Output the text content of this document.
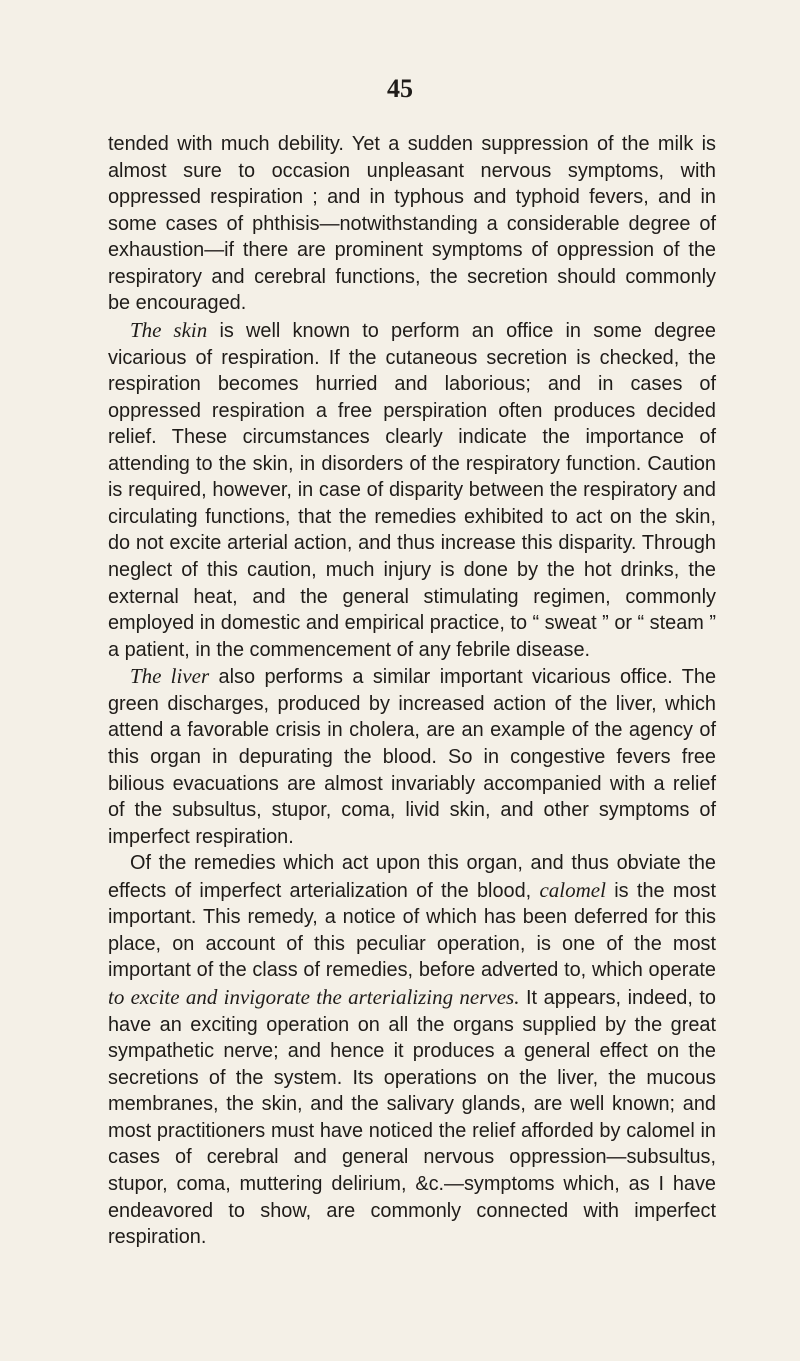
45

tended with much debility. Yet a sudden suppression of the milk is almost sure to occasion unpleasant nervous symptoms, with oppressed respiration ; and in typhous and typhoid fevers, and in some cases of phthisis—notwithstanding a considerable degree of exhaustion—if there are prominent symptoms of oppression of the respiratory and cerebral functions, the secretion should commonly be encouraged.

The skin is well known to perform an office in some degree vicarious of respiration. If the cutaneous secretion is checked, the respiration becomes hurried and laborious; and in cases of oppressed respiration a free perspiration often produces decided relief. These circumstances clearly indicate the importance of attending to the skin, in disorders of the respiratory function. Caution is required, however, in case of disparity between the respiratory and circulating functions, that the remedies exhibited to act on the skin, do not excite arterial action, and thus increase this disparity. Through neglect of this caution, much injury is done by the hot drinks, the external heat, and the general stimulating regimen, commonly employed in domestic and empirical practice, to “ sweat ” or “ steam ” a patient, in the commencement of any febrile disease.

The liver also performs a similar important vicarious office. The green discharges, produced by increased action of the liver, which attend a favorable crisis in cholera, are an example of the agency of this organ in depurating the blood. So in congestive fevers free bilious evacuations are almost invariably accompanied with a relief of the subsultus, stupor, coma, livid skin, and other symptoms of imperfect respiration.

Of the remedies which act upon this organ, and thus obviate the effects of imperfect arterialization of the blood, calomel is the most important. This remedy, a notice of which has been deferred for this place, on account of this peculiar operation, is one of the most important of the class of remedies, before adverted to, which operate to excite and invigorate the arterializing nerves. It appears, indeed, to have an exciting operation on all the organs supplied by the great sympathetic nerve; and hence it produces a general effect on the secretions of the system. Its operations on the liver, the mucous membranes, the skin, and the salivary glands, are well known; and most practitioners must have noticed the relief afforded by calomel in cases of cerebral and general nervous oppression—subsultus, stupor, coma, muttering delirium, &c.—symptoms which, as I have endeavored to show, are commonly connected with imperfect respiration.
